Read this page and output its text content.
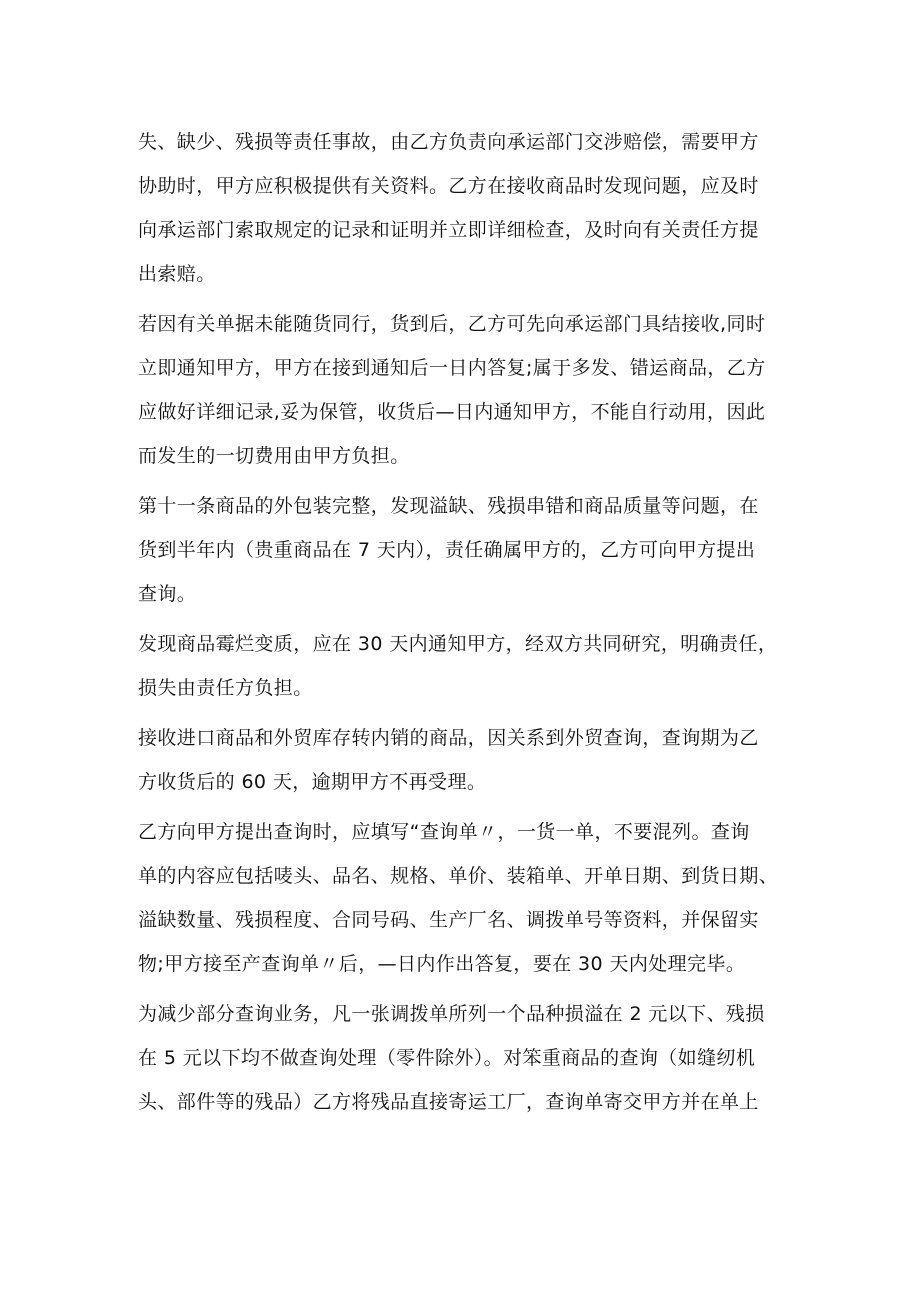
失、缺少、残损等责任事故，由乙方负责向承运部门交涉赔偿，需要甲方
协助时，甲方应积极提供有关资料。乙方在接收商品时发现问题，应及时
向承运部门索取规定的记录和证明并立即详细检查，及时向有关责任方提
出索赔。

若因有关单据未能随货同行，货到后，乙方可先向承运部门具结接收,同时
立即通知甲方，甲方在接到通知后一日内答复;属于多发、错运商品，乙方
应做好详细记录,妥为保管，收货后—日内通知甲方，不能自行动用，因此
而发生的一切费用由甲方负担。

第十一条商品的外包装完整，发现溢缺、残损串错和商品质量等问题，在
货到半年内（贵重商品在 7 天内），责任确属甲方的，乙方可向甲方提出
查询。

发现商品霉烂变质，应在 30 天内通知甲方，经双方共同研究，明确责任，
损失由责任方负担。

接收进口商品和外贸库存转内销的商品，因关系到外贸查询，查询期为乙
方收货后的 60 天，逾期甲方不再受理。

乙方向甲方提出查询时，应填写“查询单〃，一货一单，不要混列。查询
单的内容应包括唛头、品名、规格、单价、装箱单、开单日期、到货日期、
溢缺数量、残损程度、合同号码、生产厂名、调拨单号等资料，并保留实
物;甲方接至产查询单〃后，—日内作出答复，要在 30 天内处理完毕。

为减少部分查询业务，凡一张调拨单所列一个品种损溢在 2 元以下、残损
在 5 元以下均不做查询处理（零件除外）。对笨重商品的查询（如缝纫机
头、部件等的残品）乙方将残品直接寄运工厂，查询单寄交甲方并在单上
